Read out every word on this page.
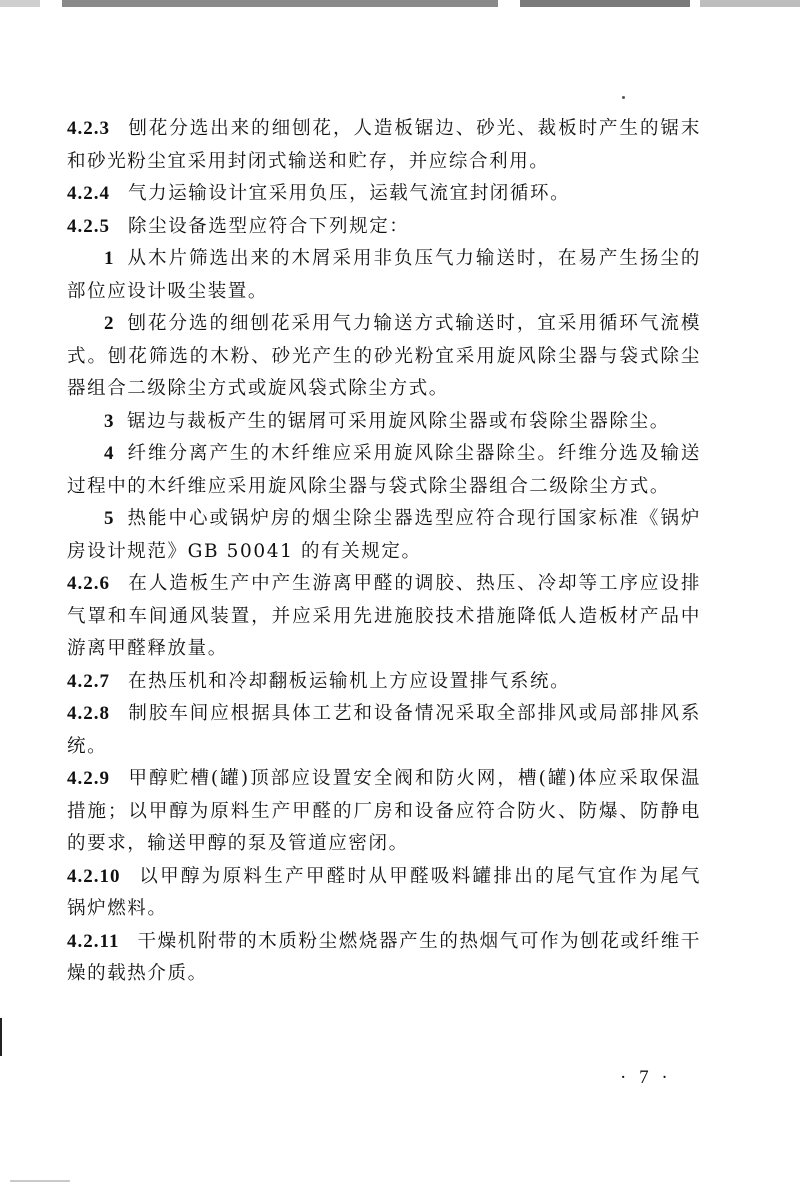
4.2.3 刨花分选出来的细刨花，人造板锯边、砂光、裁板时产生的锯末和砂光粉尘宜采用封闭式输送和贮存，并应综合利用。

4.2.4 气力运输设计宜采用负压，运载气流宜封闭循环。

4.2.5 除尘设备选型应符合下列规定：

1 从木片筛选出来的木屑采用非负压气力输送时，在易产生扬尘的部位应设计吸尘装置。

2 刨花分选的细刨花采用气力输送方式输送时，宜采用循环气流模式。刨花筛选的木粉、砂光产生的砂光粉宜采用旋风除尘器与袋式除尘器组合二级除尘方式或旋风袋式除尘方式。

3 锯边与裁板产生的锯屑可采用旋风除尘器或布袋除尘器除尘。

4 纤维分离产生的木纤维应采用旋风除尘器除尘。纤维分选及输送过程中的木纤维应采用旋风除尘器与袋式除尘器组合二级除尘方式。

5 热能中心或锅炉房的烟尘除尘器选型应符合现行国家标准《锅炉房设计规范》GB 50041 的有关规定。

4.2.6 在人造板生产中产生游离甲醛的调胶、热压、冷却等工序应设排气罩和车间通风装置，并应采用先进施胶技术措施降低人造板材产品中游离甲醛释放量。

4.2.7 在热压机和冷却翻板运输机上方应设置排气系统。

4.2.8 制胶车间应根据具体工艺和设备情况采取全部排风或局部排风系统。

4.2.9 甲醇贮槽(罐)顶部应设置安全阀和防火网，槽(罐)体应采取保温措施；以甲醇为原料生产甲醛的厂房和设备应符合防火、防爆、防静电的要求，输送甲醇的泵及管道应密闭。

4.2.10 以甲醇为原料生产甲醛时从甲醛吸料罐排出的尾气宜作为尾气锅炉燃料。

4.2.11 干燥机附带的木质粉尘燃烧器产生的热烟气可作为刨花或纤维干燥的载热介质。

· 7 ·
